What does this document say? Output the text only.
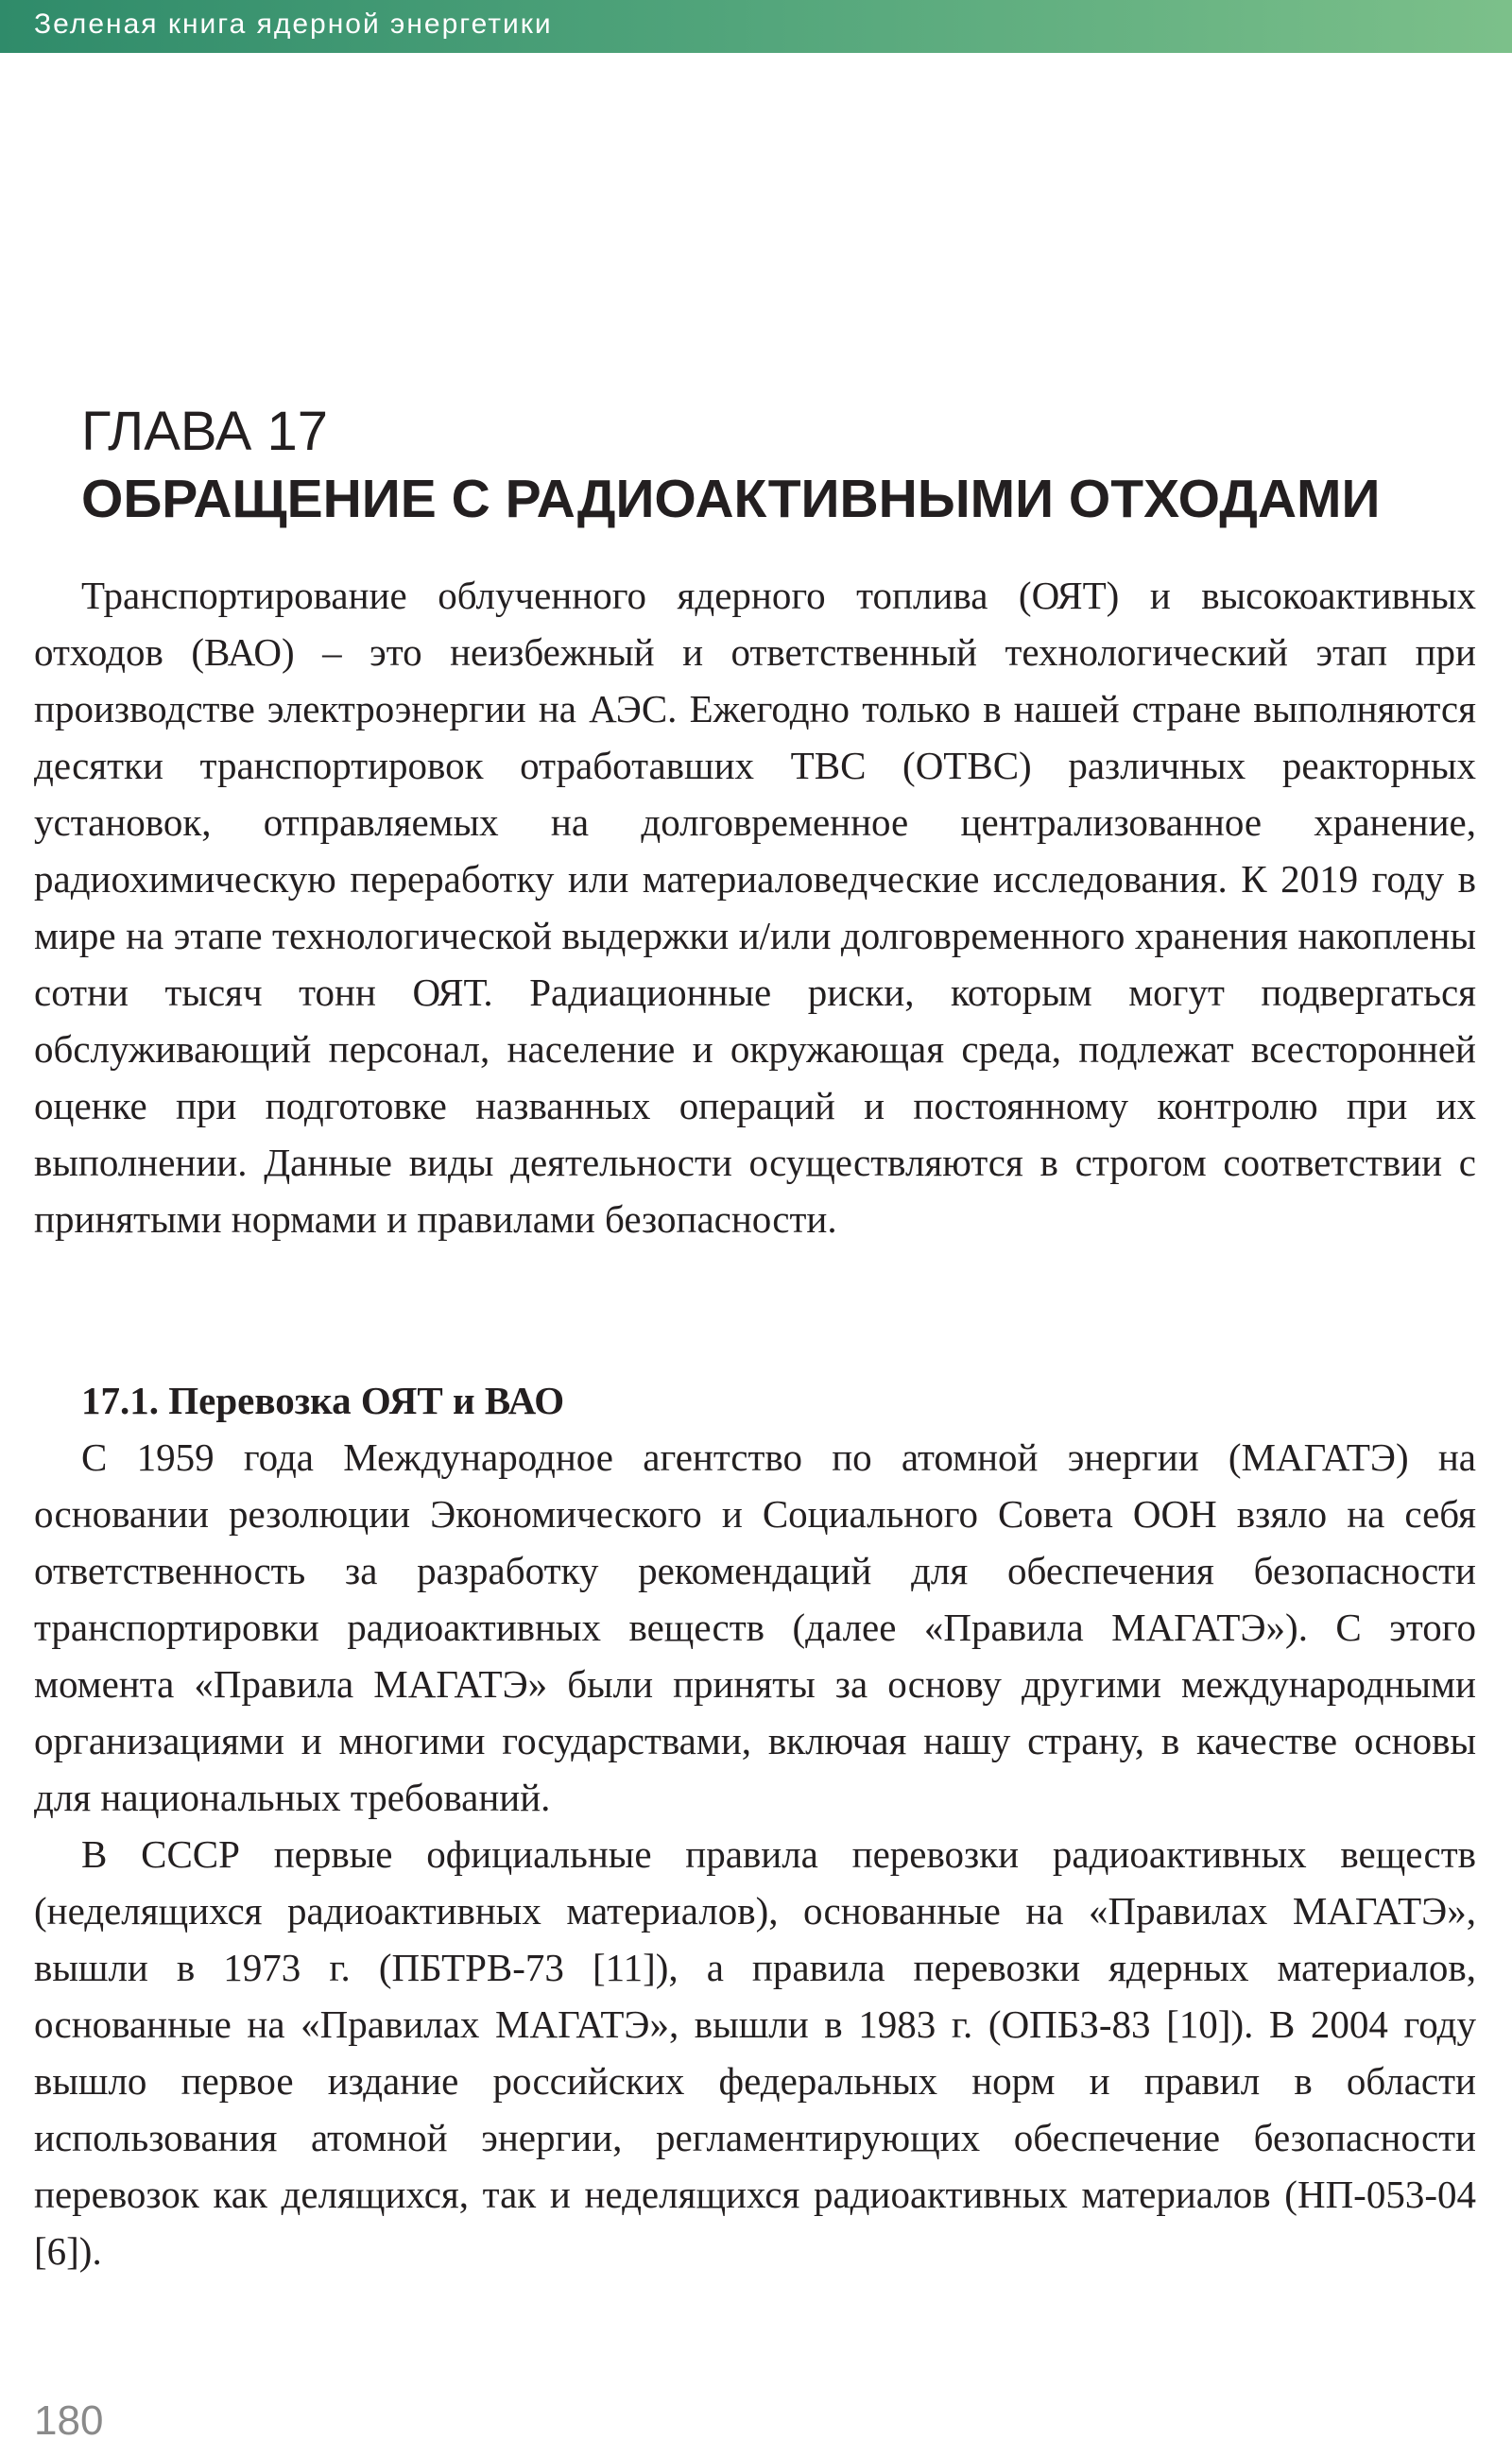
Зеленая книга ядерной энергетики
ГЛАВА 17
ОБРАЩЕНИЕ С РАДИОАКТИВНЫМИ ОТХОДАМИ

Транспортирование облученного ядерного топлива (ОЯТ) и высокоактивных отходов (ВАО) – это неизбежный и ответственный технологический этап при производстве электроэнергии на АЭС. Ежегодно только в нашей стране выполняются десятки транспортировок отработавших ТВС (ОТВС) различных реакторных установок, отправляемых на долговременное централизованное хранение, радиохимическую переработку или материаловедческие исследования. К 2019 году в мире на этапе технологической выдержки и/или долговременного хранения накоплены сотни тысяч тонн ОЯТ. Радиационные риски, которым могут подвергаться обслуживающий персонал, население и окружающая среда, подлежат всесторонней оценке при подготовке названных операций и постоянному контролю при их выполнении. Данные виды деятельности осуществляются в строгом соответствии с принятыми нормами и правилами безопасности.

17.1. Перевозка ОЯТ и ВАО

С 1959 года Международное агентство по атомной энергии (МАГАТЭ) на основании резолюции Экономического и Социального Совета ООН взяло на себя ответственность за разработку рекомендаций для обеспечения безопасности транспортировки радиоактивных веществ (далее «Правила МАГАТЭ»). С этого момента «Правила МАГАТЭ» были приняты за основу другими международными организациями и многими государствами, включая нашу страну, в качестве основы для национальных требований.

В СССР первые официальные правила перевозки радиоактивных веществ (неделящихся радиоактивных материалов), основанные на «Правилах МАГАТЭ», вышли в 1973 г. (ПБТРВ-73 [11]), а правила перевозки ядерных материалов, основанные на «Правилах МАГАТЭ», вышли в 1983 г. (ОПБЗ-83 [10]). В 2004 году вышло первое издание российских федеральных норм и правил в области использования атомной энергии, регламентирующих обеспечение безопасности перевозок как делящихся, так и неделящихся радиоактивных материалов (НП-053-04 [6]).

180
